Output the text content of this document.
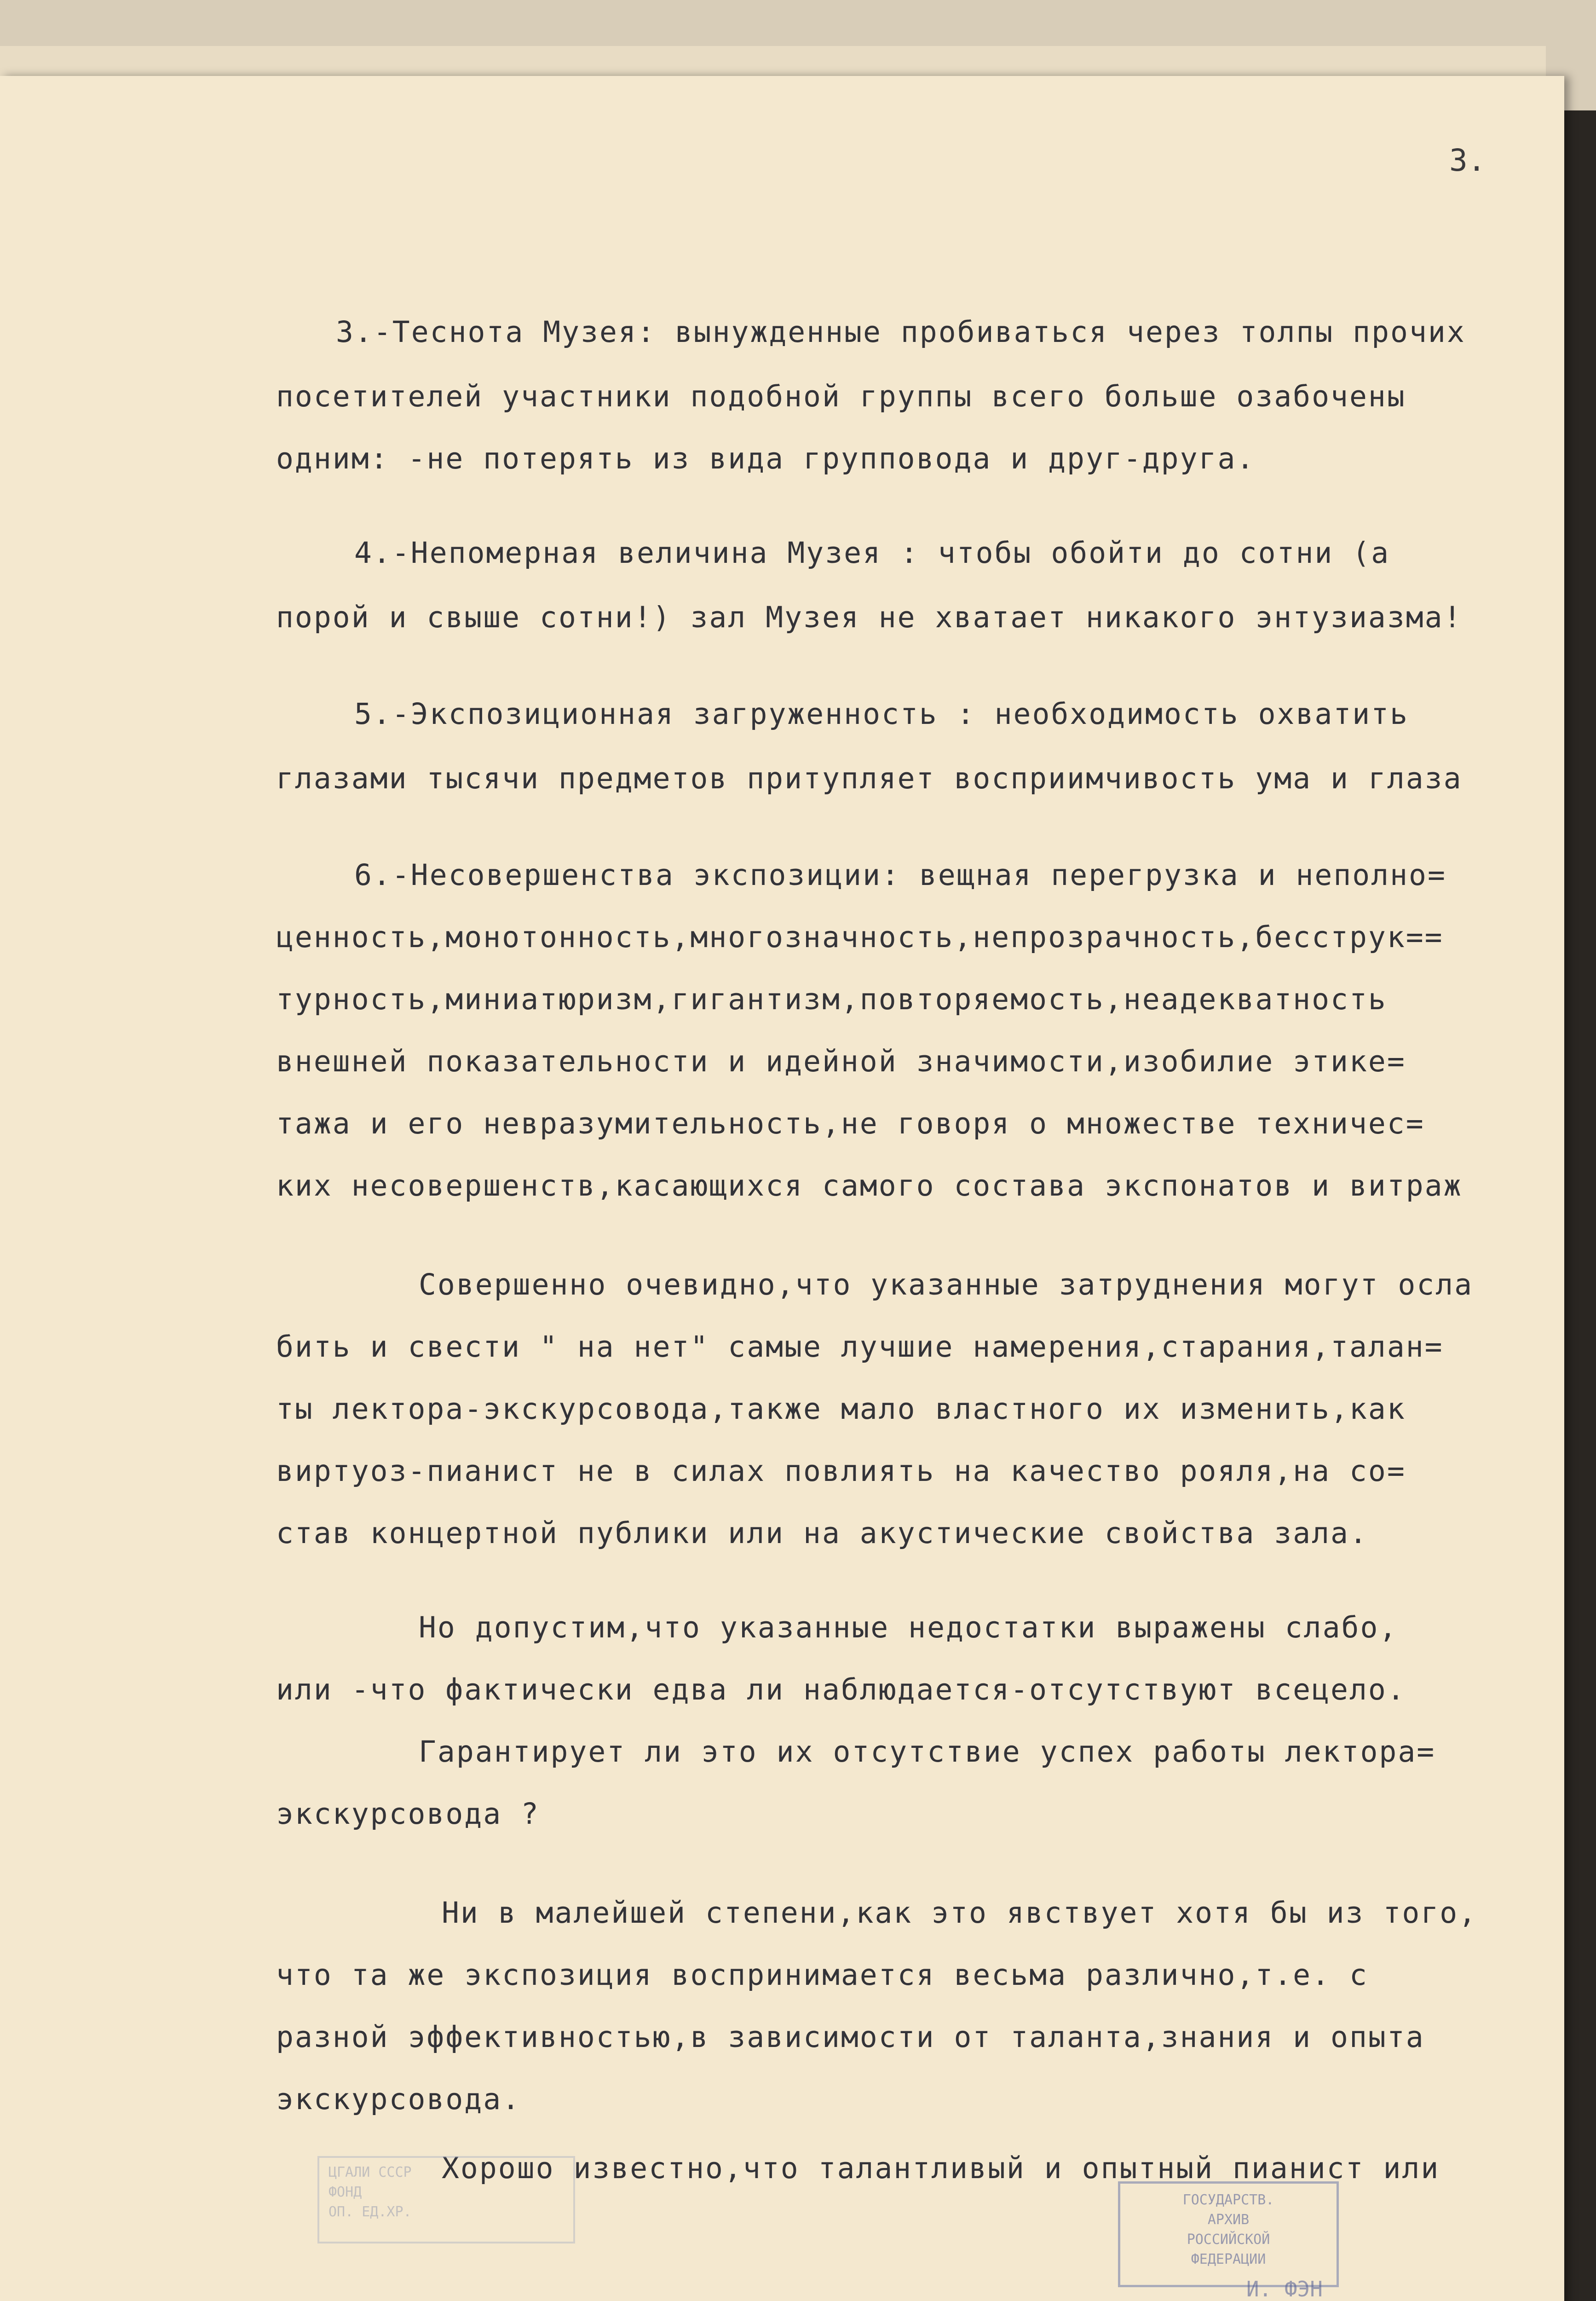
3.
3.-Теснота Музея: вынужденные пробиваться через толпы прочих
посетителей участники подобной группы всего больше озабочены
одним: -не потерять из вида групповода и друг-друга.
4.-Непомерная величина Музея : чтобы обойти до сотни (а
порой и свыше сотни!) зал Музея не хватает никакого энтузиазма!
5.-Экспозиционная загруженность : необходимость охватить
глазами тысячи предметов притупляет восприимчивость ума и глаза
6.-Несовершенства экспозиции: вещная перегрузка и неполно=
ценность,монотонность,многозначность,непрозрачность,бесструк==
турность,миниатюризм,гигантизм,повторяемость,неадекватность
внешней показательности и идейной значимости,изобилие этике=
тажа и его невразумительность,не говоря о множестве техничес=
ких несовершенств,касающихся самого состава экспонатов и витраж
Совершенно очевидно,что указанные затруднения могут осла
бить и свести " на нет" самые лучшие намерения,старания,талан=
ты лектора-экскурсовода,также мало властного их изменить,как
виртуоз-пианист не в силах повлиять на качество рояля,на со=
став концертной публики или на акустические свойства зала.
Но допустим,что указанные недостатки выражены слабо,
или -что фактически едва ли наблюдается-отсутствуют всецело.
Гарантирует ли это их отсутствие успех работы лектора=
экскурсовода ?
Ни в малейшей степени,как это явствует хотя бы из того,
что та же экспозиция воспринимается весьма различно,т.е. с
разной эффективностью,в зависимости от таланта,знания и опыта
экскурсовода.
Хорошо известно,что талантливый и опытный пианист или
ЦГАЛИ СССР
ФОНД
ОП. ЕД.ХР.
ГОСУДАРСТВ.
АРХИВ
РОССИЙСКОЙ
ФЕДЕРАЦИИ
И. ФЭН
